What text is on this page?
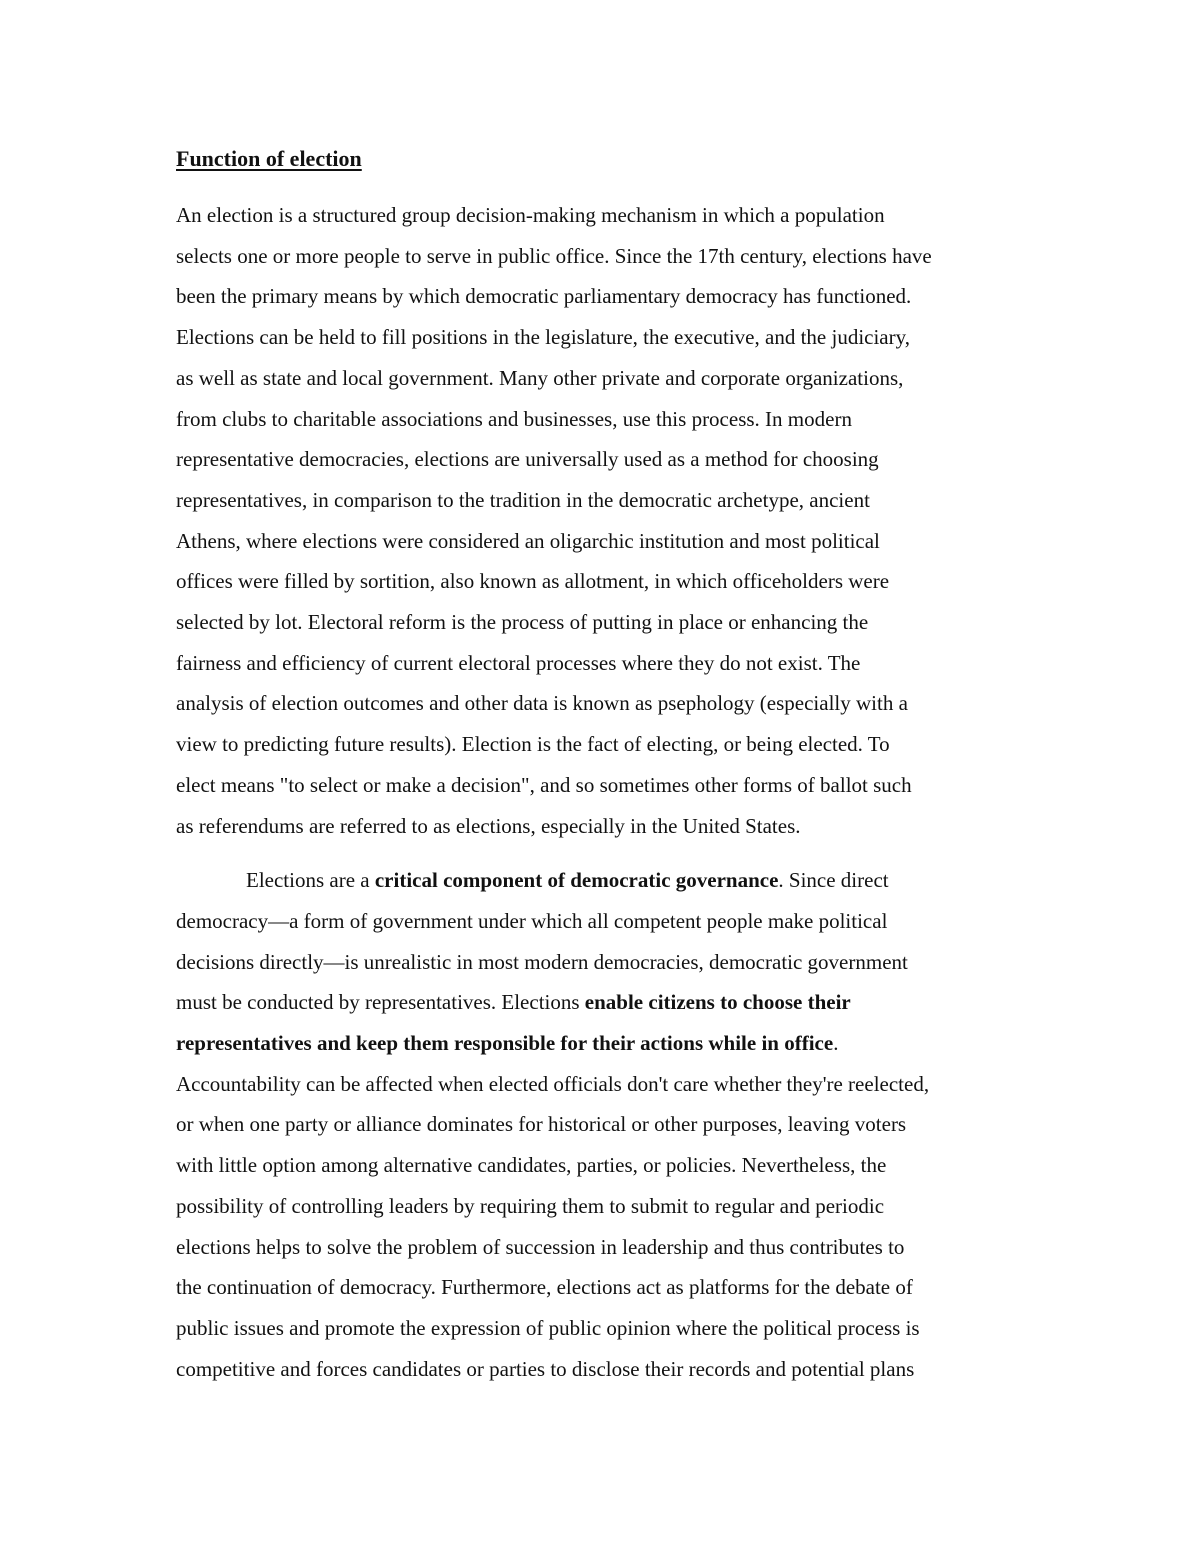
Function of election

An election is a structured group decision-making mechanism in which a population
selects one or more people to serve in public office. Since the 17th century, elections have
been the primary means by which democratic parliamentary democracy has functioned.
Elections can be held to fill positions in the legislature, the executive, and the judiciary,
as well as state and local government. Many other private and corporate organizations,
from clubs to charitable associations and businesses, use this process. In modern
representative democracies, elections are universally used as a method for choosing
representatives, in comparison to the tradition in the democratic archetype, ancient
Athens, where elections were considered an oligarchic institution and most political
offices were filled by sortition, also known as allotment, in which officeholders were
selected by lot. Electoral reform is the process of putting in place or enhancing the
fairness and efficiency of current electoral processes where they do not exist. The
analysis of election outcomes and other data is known as psephology (especially with a
view to predicting future results). Election is the fact of electing, or being elected. To
elect means "to select or make a decision", and so sometimes other forms of ballot such
as referendums are referred to as elections, especially in the United States.

Elections are a critical component of democratic governance. Since direct
democracy—a form of government under which all competent people make political
decisions directly—is unrealistic in most modern democracies, democratic government
must be conducted by representatives. Elections enable citizens to choose their
representatives and keep them responsible for their actions while in office.
Accountability can be affected when elected officials don't care whether they're reelected,
or when one party or alliance dominates for historical or other purposes, leaving voters
with little option among alternative candidates, parties, or policies. Nevertheless, the
possibility of controlling leaders by requiring them to submit to regular and periodic
elections helps to solve the problem of succession in leadership and thus contributes to
the continuation of democracy. Furthermore, elections act as platforms for the debate of
public issues and promote the expression of public opinion where the political process is
competitive and forces candidates or parties to disclose their records and potential plans
